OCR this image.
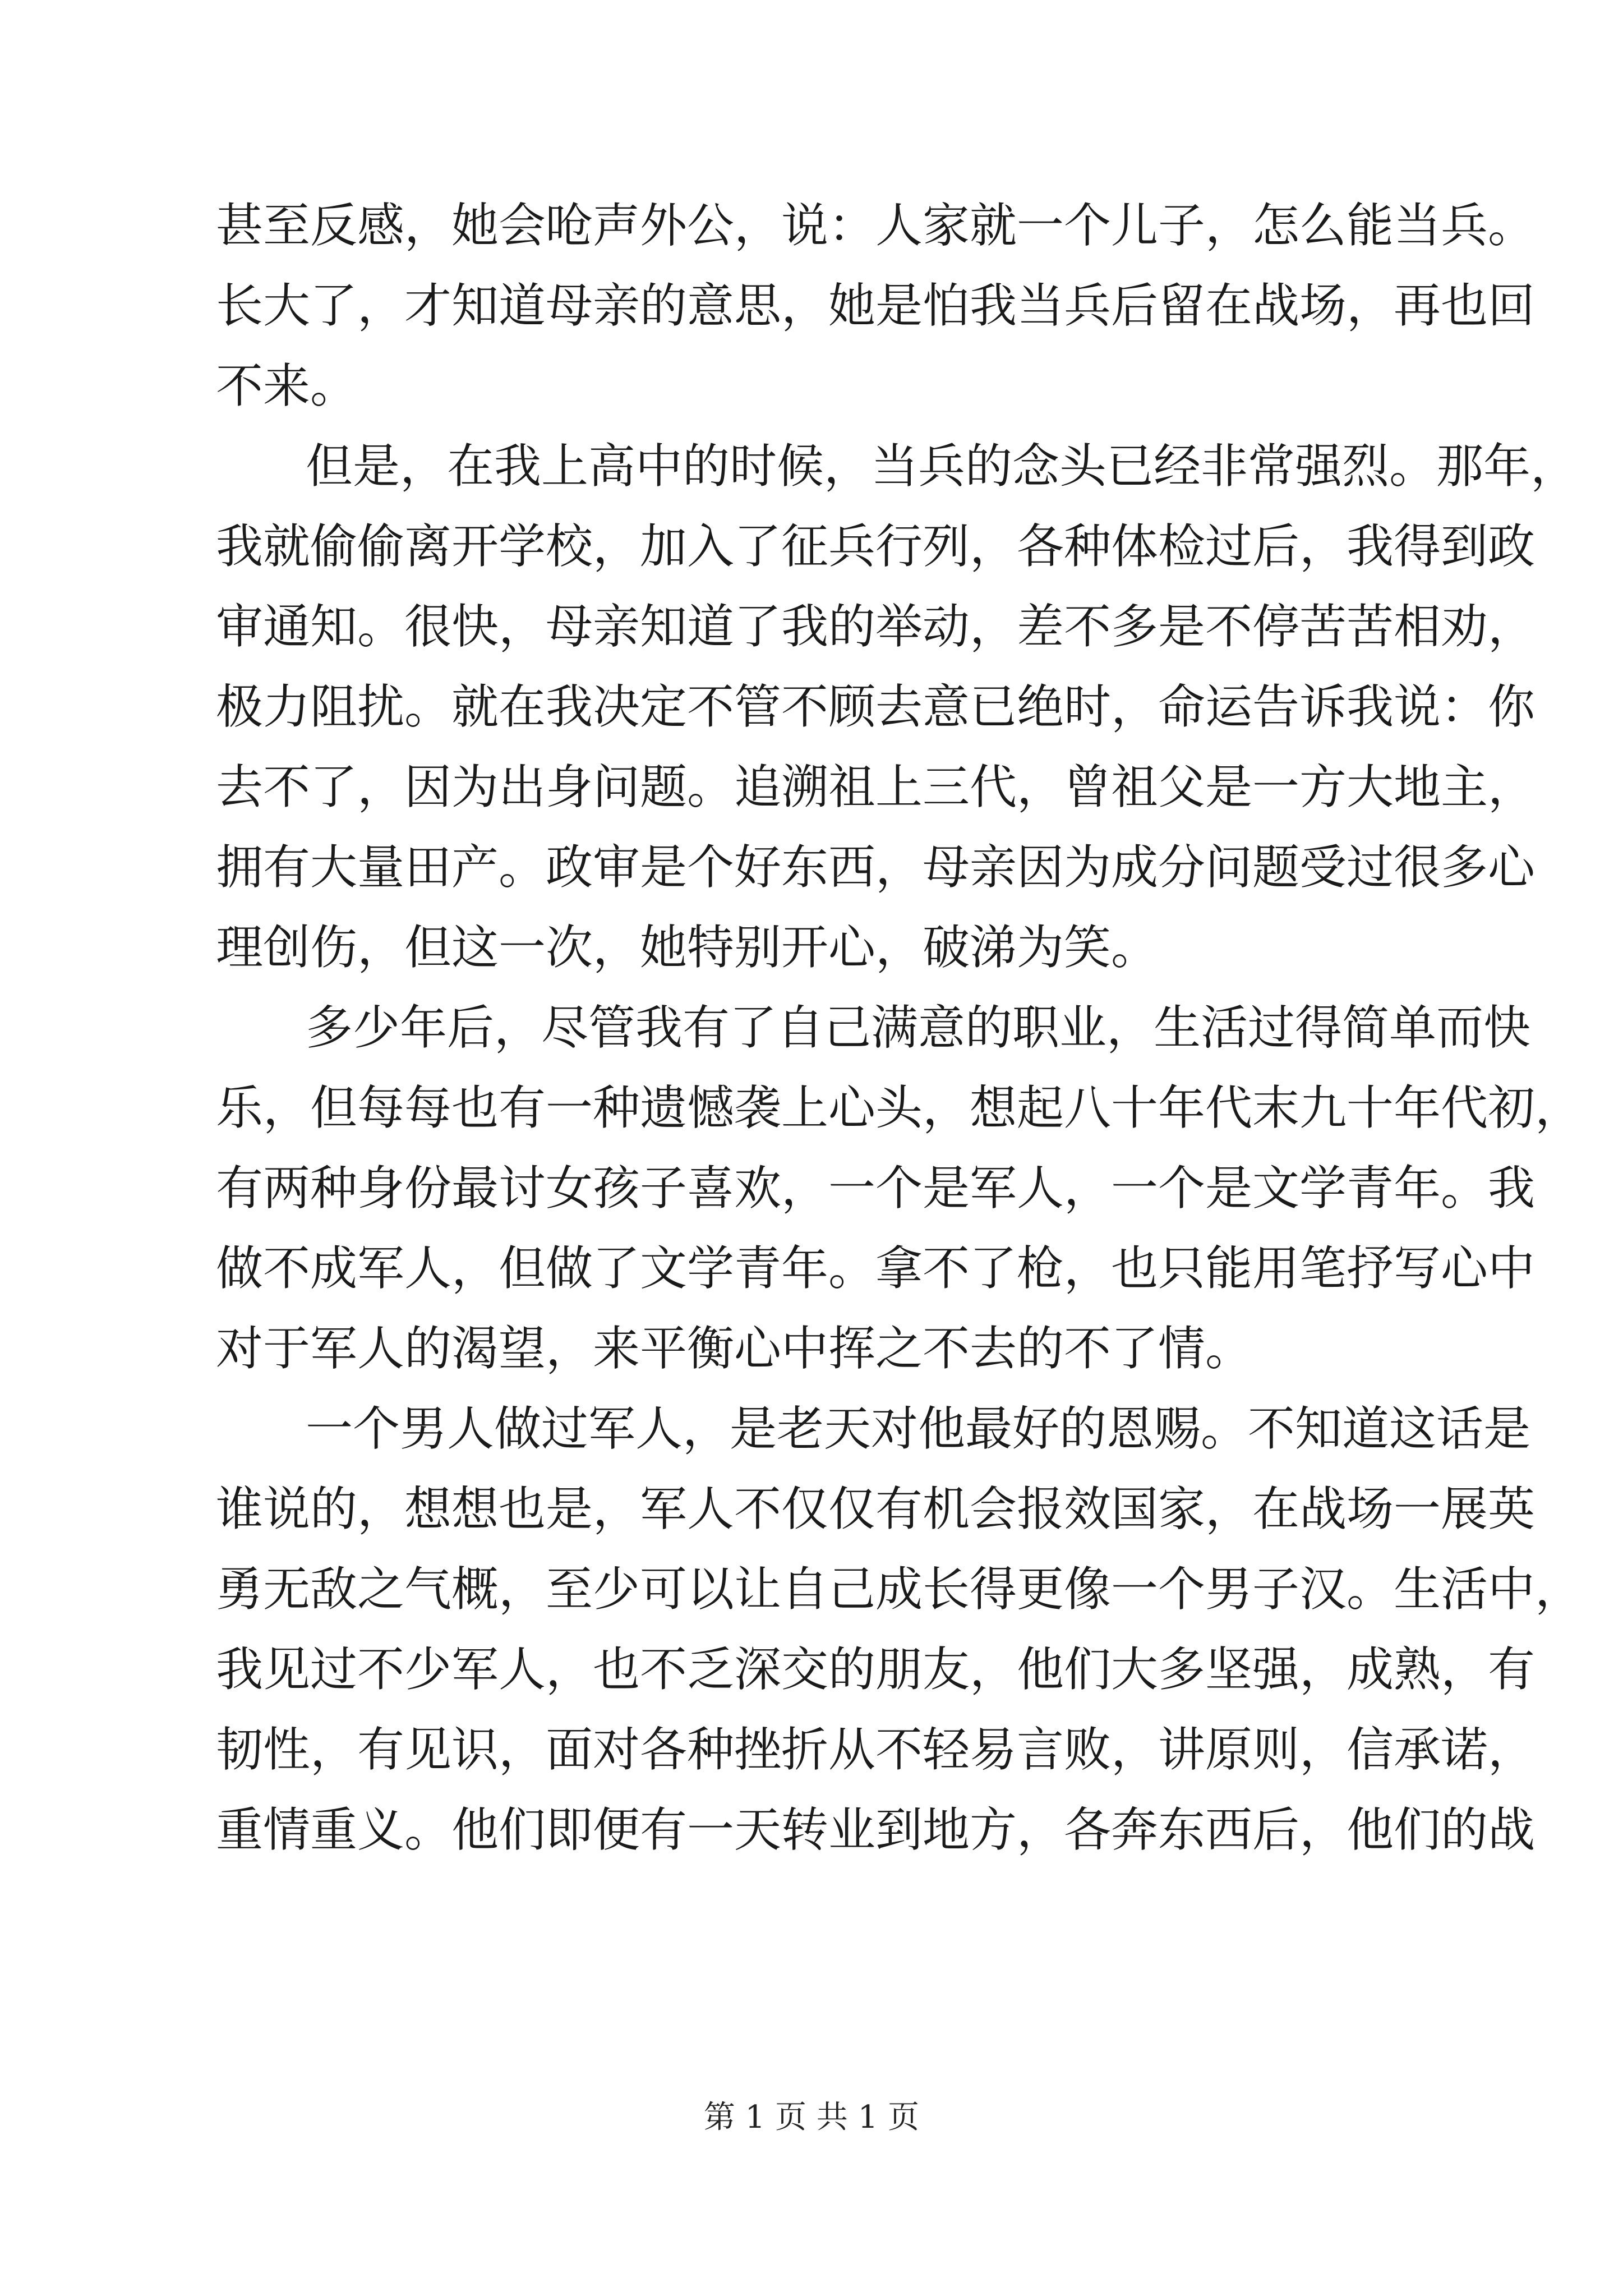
甚至反感，她会呛声外公，说：人家就一个儿子，怎么能当兵。
长大了，才知道母亲的意思，她是怕我当兵后留在战场，再也回
不来。
但是，在我上高中的时候，当兵的念头已经非常强烈。那年，
我就偷偷离开学校，加入了征兵行列，各种体检过后，我得到政
审通知。很快，母亲知道了我的举动，差不多是不停苦苦相劝，
极力阻扰。就在我决定不管不顾去意已绝时，命运告诉我说：你
去不了，因为出身问题。追溯祖上三代，曾祖父是一方大地主，
拥有大量田产。政审是个好东西，母亲因为成分问题受过很多心
理创伤，但这一次，她特别开心，破涕为笑。
多少年后，尽管我有了自己满意的职业，生活过得简单而快
乐，但每每也有一种遗憾袭上心头，想起八十年代末九十年代初，
有两种身份最讨女孩子喜欢，一个是军人，一个是文学青年。我
做不成军人，但做了文学青年。拿不了枪，也只能用笔抒写心中
对于军人的渴望，来平衡心中挥之不去的不了情。
一个男人做过军人，是老天对他最好的恩赐。不知道这话是
谁说的，想想也是，军人不仅仅有机会报效国家，在战场一展英
勇无敌之气概，至少可以让自己成长得更像一个男子汉。生活中，
我见过不少军人，也不乏深交的朋友，他们大多坚强，成熟，有
韧性，有见识，面对各种挫折从不轻易言败，讲原则，信承诺，
重情重义。他们即便有一天转业到地方，各奔东西后，他们的战
第 1 页 共 1 页
